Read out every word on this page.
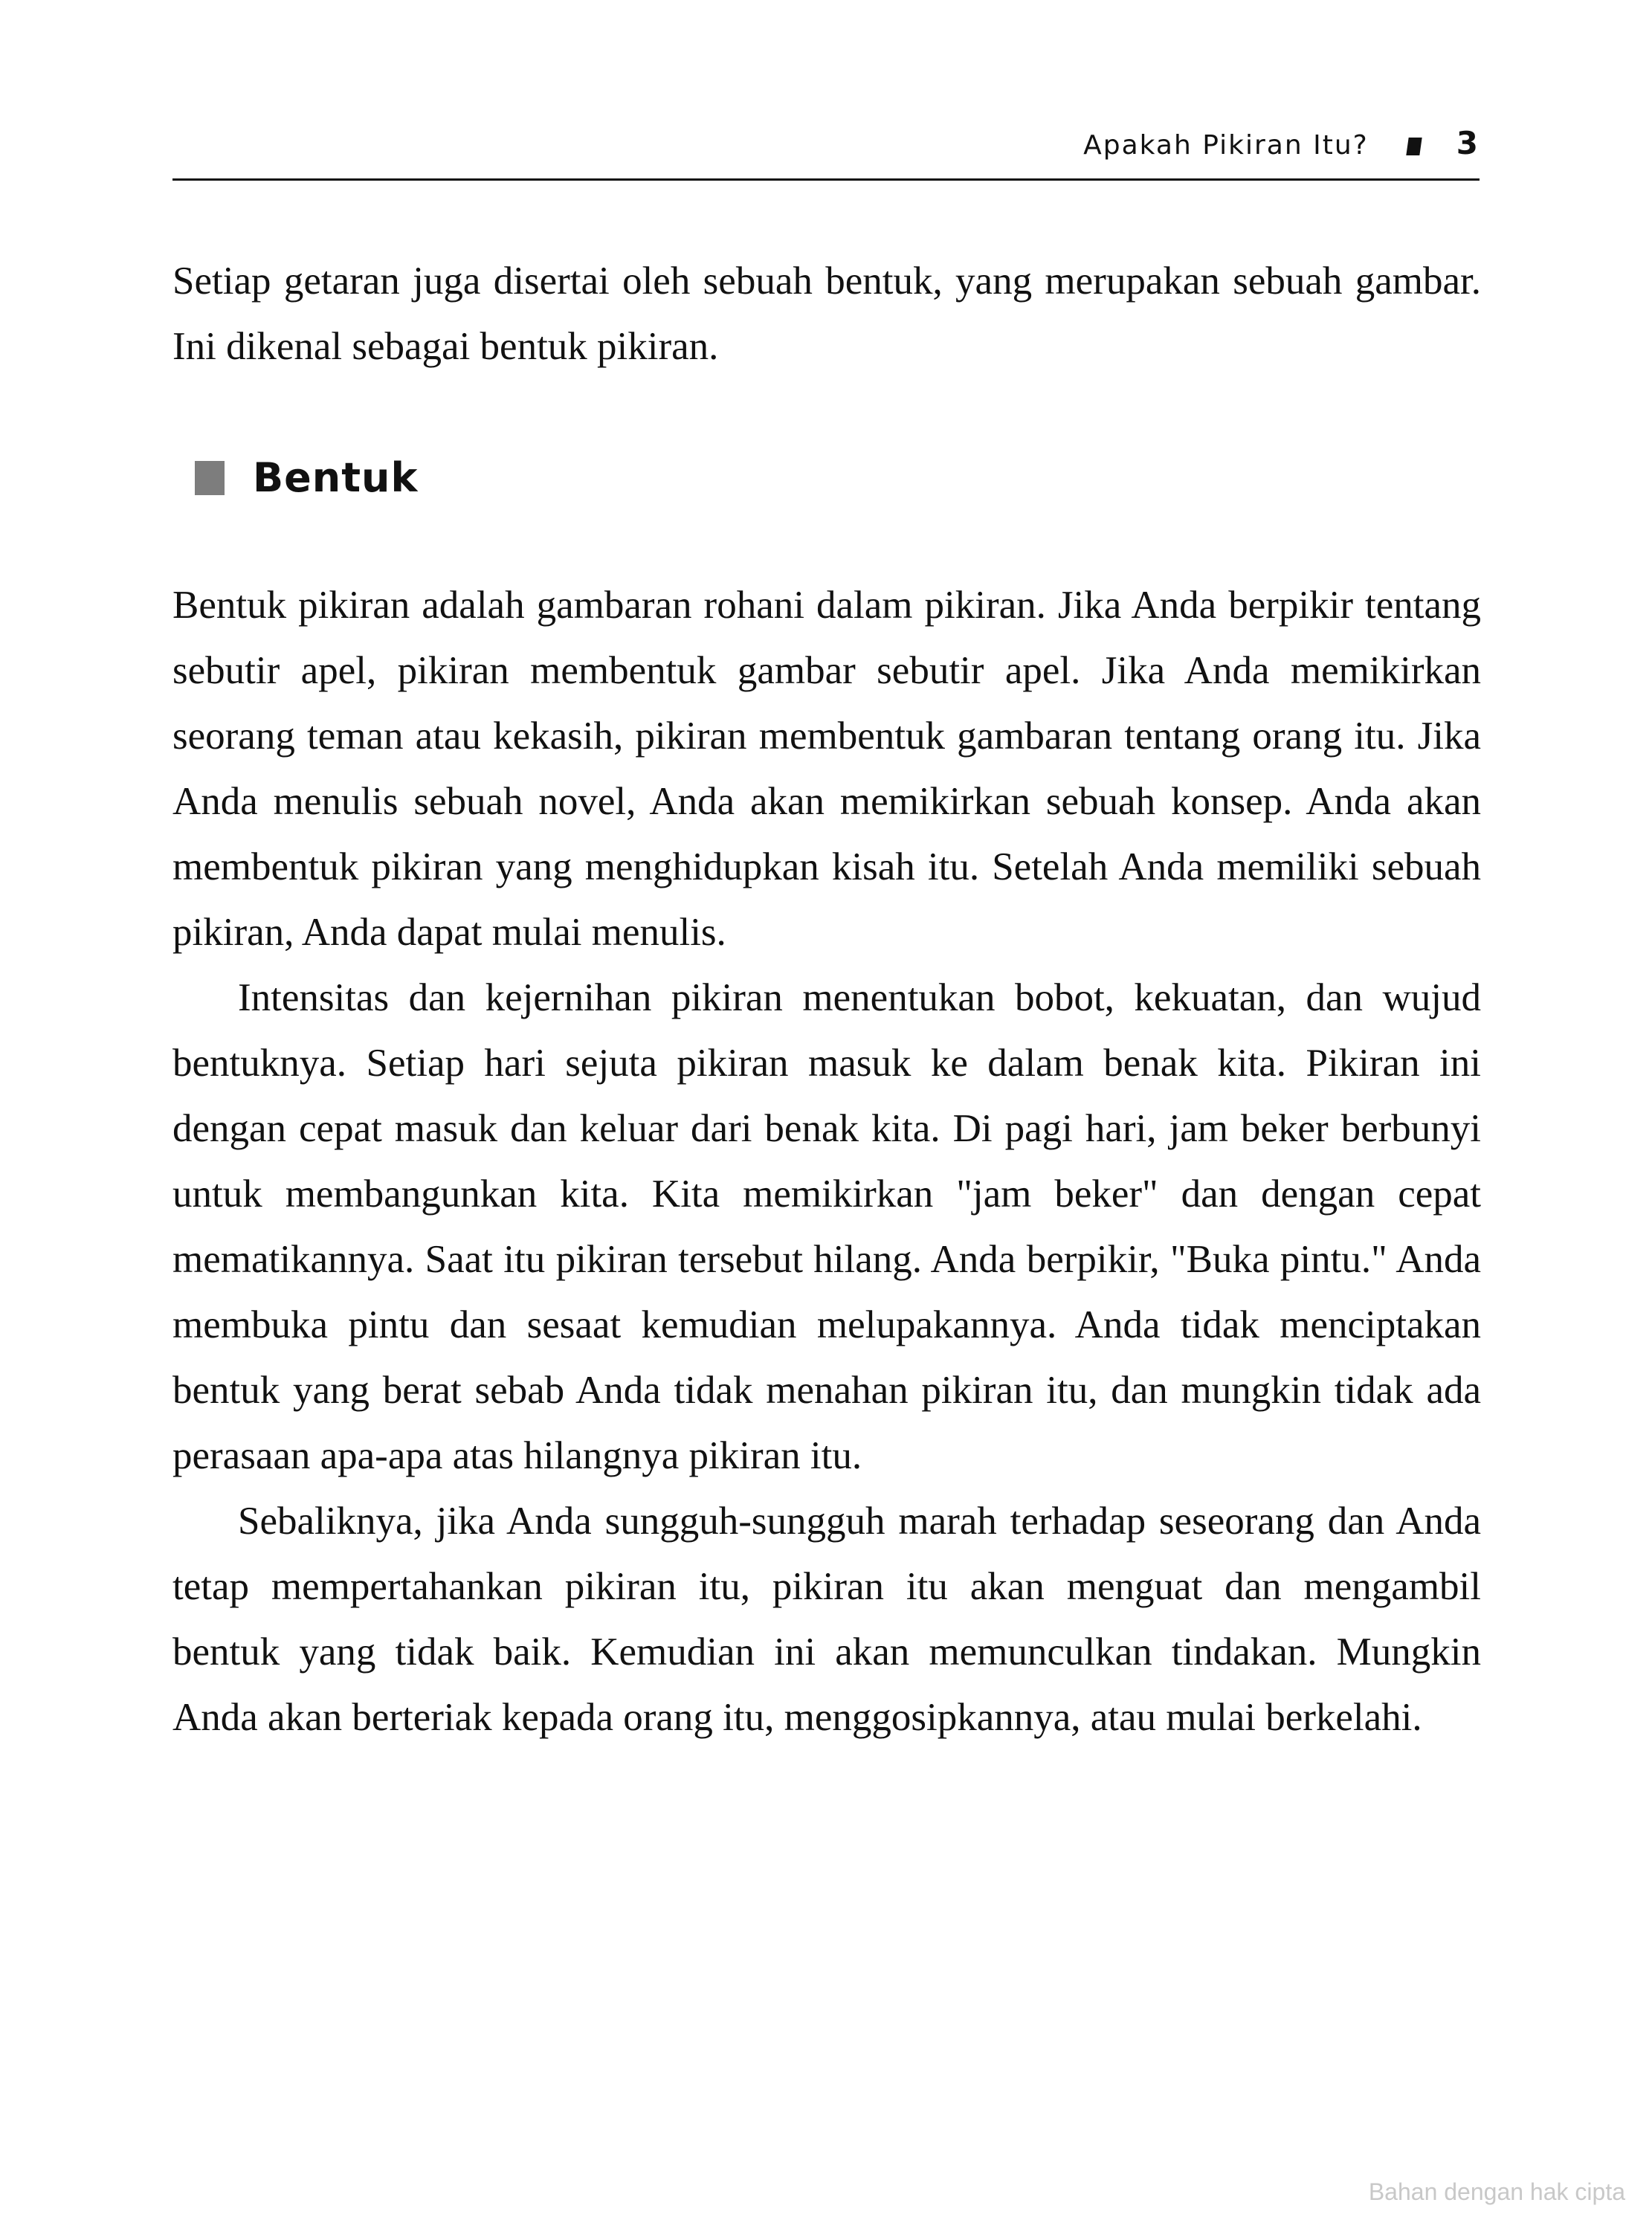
Apakah Pikiran Itu?	3

Setiap getaran juga disertai oleh sebuah bentuk, yang merupakan sebuah gambar. Ini dikenal sebagai bentuk pikiran.

Bentuk

Bentuk pikiran adalah gambaran rohani dalam pikiran. Jika Anda berpikir tentang sebutir apel, pikiran membentuk gambar sebutir apel. Jika Anda memikirkan seorang teman atau kekasih, pikiran membentuk gambaran tentang orang itu. Jika Anda menulis sebuah novel, Anda akan memikirkan sebuah konsep. Anda akan membentuk pikiran yang menghidupkan kisah itu. Setelah Anda memiliki sebuah pikiran, Anda dapat mulai menulis.

Intensitas dan kejernihan pikiran menentukan bobot, kekuatan, dan wujud bentuknya. Setiap hari sejuta pikiran masuk ke dalam benak kita. Pikiran ini dengan cepat masuk dan keluar dari benak kita. Di pagi hari, jam beker berbunyi untuk membangunkan kita. Kita memikirkan "jam beker" dan dengan cepat mematikannya. Saat itu pikiran tersebut hilang. Anda berpikir, "Buka pintu." Anda membuka pintu dan sesaat kemudian melupakannya. Anda tidak menciptakan bentuk yang berat sebab Anda tidak menahan pikiran itu, dan mungkin tidak ada perasaan apa-apa atas hilangnya pikiran itu.

Sebaliknya, jika Anda sungguh-sungguh marah terhadap seseorang dan Anda tetap mempertahankan pikiran itu, pikiran itu akan menguat dan mengambil bentuk yang tidak baik. Kemudian ini akan memunculkan tindakan. Mungkin Anda akan berteriak kepada orang itu, menggosipkannya, atau mulai berkelahi.

Bahan dengan hak cipta
